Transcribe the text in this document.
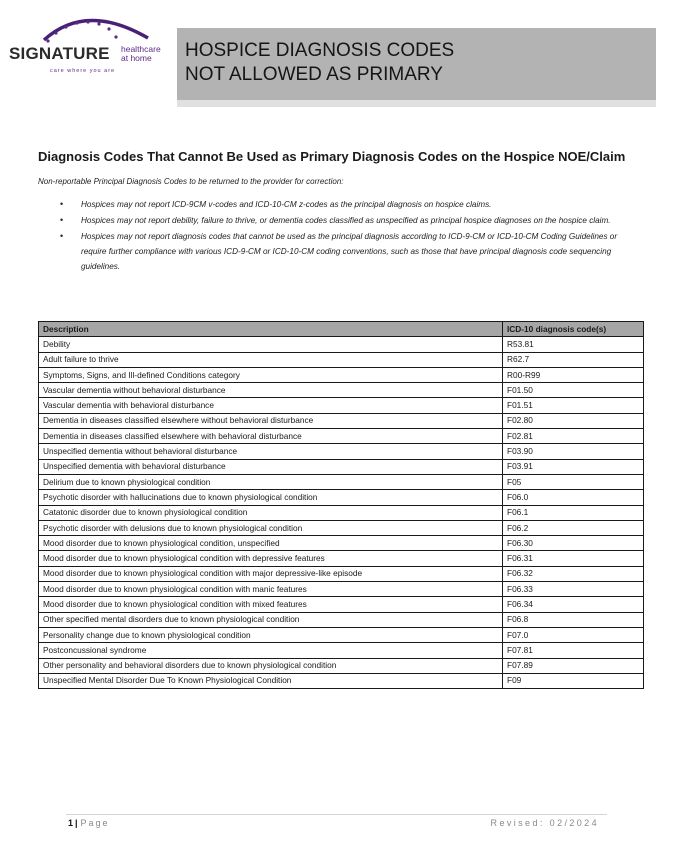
SIGNATURE healthcare
at home
care where you are
HOSPICE DIAGNOSIS CODES
NOT ALLOWED AS PRIMARY
Diagnosis Codes That Cannot Be Used as Primary Diagnosis Codes on the Hospice NOE/Claim
Non-reportable Principal Diagnosis Codes to be returned to the provider for correction:
• Hospices may not report ICD-9CM v-codes and ICD-10-CM z-codes as the principal diagnosis on hospice claims.
• Hospices may not report debility, failure to thrive, or dementia codes classified as unspecified as principal hospice diagnoses on the hospice claim.
• Hospices may not report diagnosis codes that cannot be used as the principal diagnosis according to ICD-9-CM or ICD-10-CM Coding Guidelines or require further compliance with various ICD-9-CM or ICD-10-CM coding conventions, such as those that have principal diagnosis code sequencing guidelines.
Description	ICD-10 diagnosis code(s)
Debility	R53.81
Adult failure to thrive	R62.7
Symptoms, Signs, and Ill-defined Conditions category	R00-R99
Vascular dementia without behavioral disturbance	F01.50
Vascular dementia with behavioral disturbance	F01.51
Dementia in diseases classified elsewhere without behavioral disturbance	F02.80
Dementia in diseases classified elsewhere with behavioral disturbance	F02.81
Unspecified dementia without behavioral disturbance	F03.90
Unspecified dementia with behavioral disturbance	F03.91
Delirium due to known physiological condition	F05
Psychotic disorder with hallucinations due to known physiological condition	F06.0
Catatonic disorder due to known physiological condition	F06.1
Psychotic disorder with delusions due to known physiological condition	F06.2
Mood disorder due to known physiological condition, unspecified	F06.30
Mood disorder due to known physiological condition with depressive features	F06.31
Mood disorder due to known physiological condition with major depressive-like episode	F06.32
Mood disorder due to known physiological condition with manic features	F06.33
Mood disorder due to known physiological condition with mixed features	F06.34
Other specified mental disorders due to known physiological condition	F06.8
Personality change due to known physiological condition	F07.0
Postconcussional syndrome	F07.81
Other personality and behavioral disorders due to known physiological condition	F07.89
Unspecified Mental Disorder Due To Known Physiological Condition	F09
1 | Page	Revised: 02/2024
